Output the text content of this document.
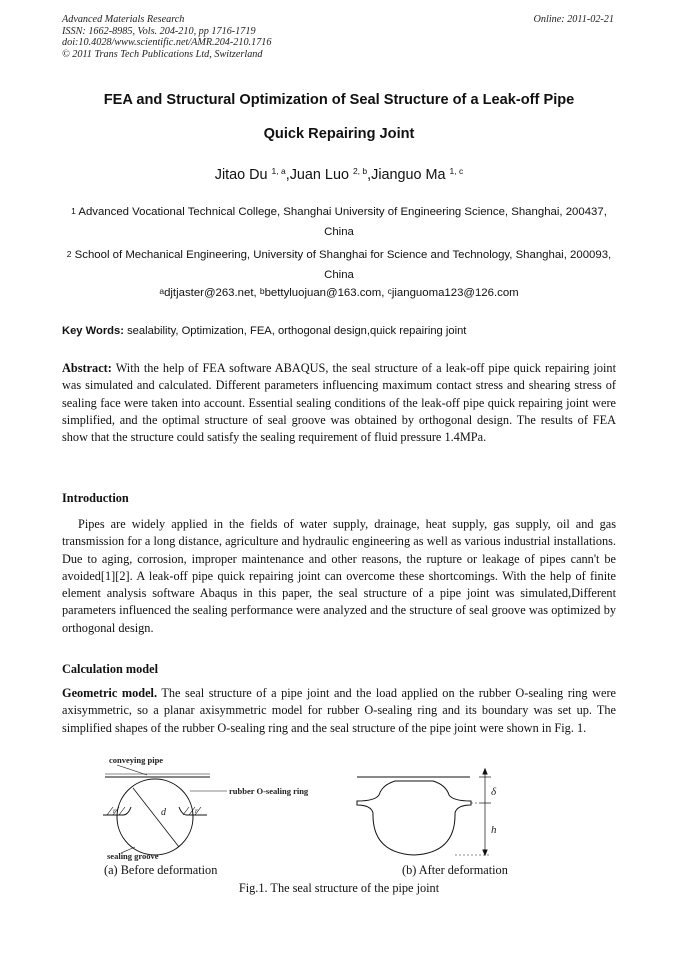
Advanced Materials Research
ISSN: 1662-8985, Vols. 204-210, pp 1716-1719
doi:10.4028/www.scientific.net/AMR.204-210.1716
© 2011 Trans Tech Publications Ltd, Switzerland
Online: 2011-02-21
FEA and Structural Optimization of Seal Structure of a Leak-off Pipe
Quick Repairing Joint
Jitao Du $^{1, a}$,Juan Luo $^{2, b}$,Jianguo Ma $^{1, c}$
$^1$ Advanced Vocational Technical College, Shanghai University of Engineering Science, Shanghai, 200437, China
$^2$ School of Mechanical Engineering, University of Shanghai for Science and Technology, Shanghai, 200093, China
$^a$djtjaster@263.net, $^b$bettyluojuan@163.com, $^c$jianguoma123@126.com
Key Words: sealability, Optimization, FEA, orthogonal design,quick repairing joint
Abstract: With the help of FEA software ABAQUS, the seal structure of a leak-off pipe quick repairing joint was simulated and calculated. Different parameters influencing maximum contact stress and shearing stress of sealing face were taken into account. Essential sealing conditions of the leak-off pipe quick repairing joint were simplified, and the optimal structure of seal groove was obtained by orthogonal design. The results of FEA show that the structure could satisfy the sealing requirement of fluid pressure 1.4MPa.
Introduction
Pipes are widely applied in the fields of water supply, drainage, heat supply, gas supply, oil and gas transmission for a long distance, agriculture and hydraulic engineering as well as various industrial installations. Due to aging, corrosion, improper maintenance and other reasons, the rupture or leakage of pipes cann't be avoided[1][2]. A leak-off pipe quick repairing joint can overcome these shortcomings. With the help of finite element analysis software Abaqus in this paper, the seal structure of a pipe joint was simulated,Different parameters influenced the sealing performance were analyzed and the structure of seal groove was optimized by orthogonal design.
Calculation model
Geometric model. The seal structure of a pipe joint and the load applied on the rubber O-sealing ring were axisymmetric, so a planar axisymmetric model for rubber O-sealing ring and its boundary was set up. The simplified shapes of the rubber O-sealing ring and the seal structure of the pipe joint were shown in Fig. 1.
conveying pipe
rubber O-sealing ring
sealing groove
d
r	r
δ
h
(a) Before deformation	(b) After deformation
Fig.1. The seal structure of the pipe joint
